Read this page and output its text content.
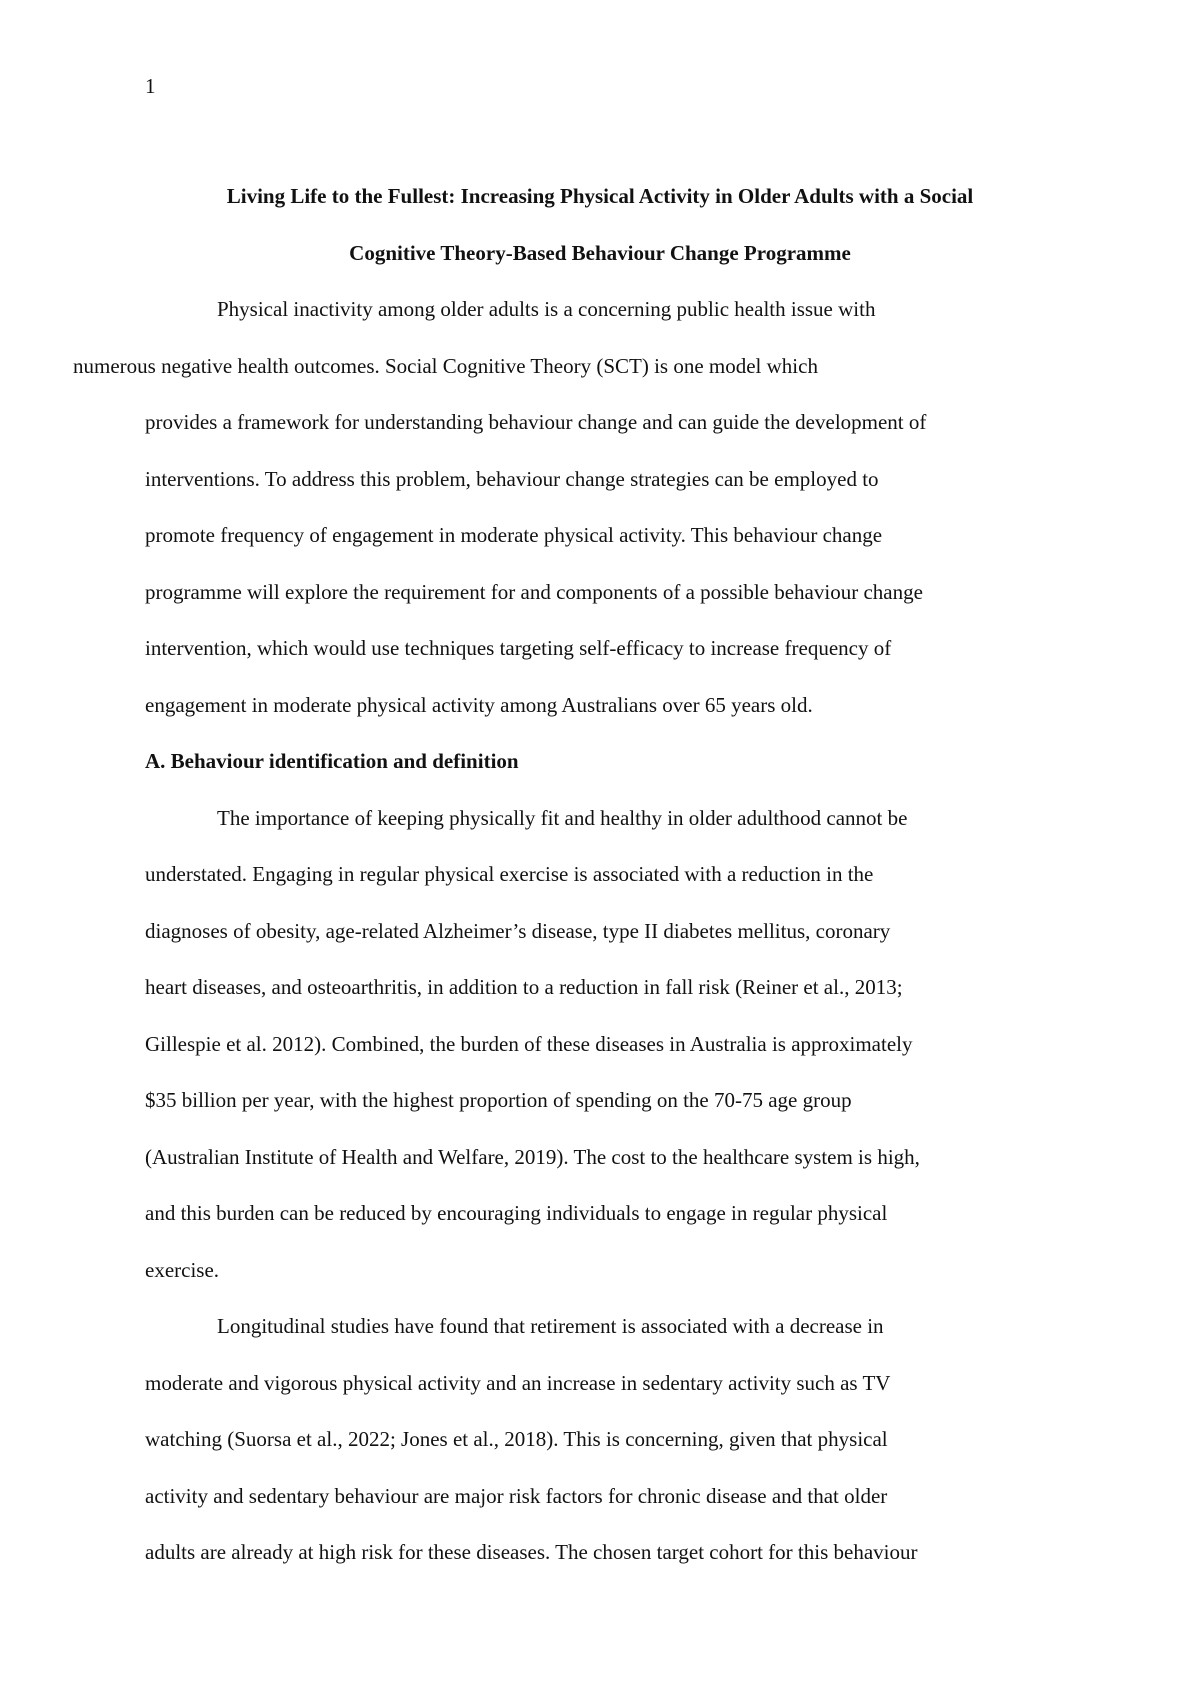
1
Living Life to the Fullest: Increasing Physical Activity in Older Adults with a Social
Cognitive Theory-Based Behaviour Change Programme
Physical inactivity among older adults is a concerning public health issue with
numerous negative health outcomes. Social Cognitive Theory (SCT) is one model which
provides a framework for understanding behaviour change and can guide the development of
interventions. To address this problem, behaviour change strategies can be employed to
promote frequency of engagement in moderate physical activity. This behaviour change
programme will explore the requirement for and components of a possible behaviour change
intervention, which would use techniques targeting self-efficacy to increase frequency of
engagement in moderate physical activity among Australians over 65 years old.
A. Behaviour identification and definition
The importance of keeping physically fit and healthy in older adulthood cannot be
understated. Engaging in regular physical exercise is associated with a reduction in the
diagnoses of obesity, age-related Alzheimer’s disease, type II diabetes mellitus, coronary
heart diseases, and osteoarthritis, in addition to a reduction in fall risk (Reiner et al., 2013;
Gillespie et al. 2012). Combined, the burden of these diseases in Australia is approximately
$35 billion per year, with the highest proportion of spending on the 70-75 age group
(Australian Institute of Health and Welfare, 2019). The cost to the healthcare system is high,
and this burden can be reduced by encouraging individuals to engage in regular physical
exercise.
Longitudinal studies have found that retirement is associated with a decrease in
moderate and vigorous physical activity and an increase in sedentary activity such as TV
watching (Suorsa et al., 2022; Jones et al., 2018). This is concerning, given that physical
activity and sedentary behaviour are major risk factors for chronic disease and that older
adults are already at high risk for these diseases. The chosen target cohort for this behaviour
